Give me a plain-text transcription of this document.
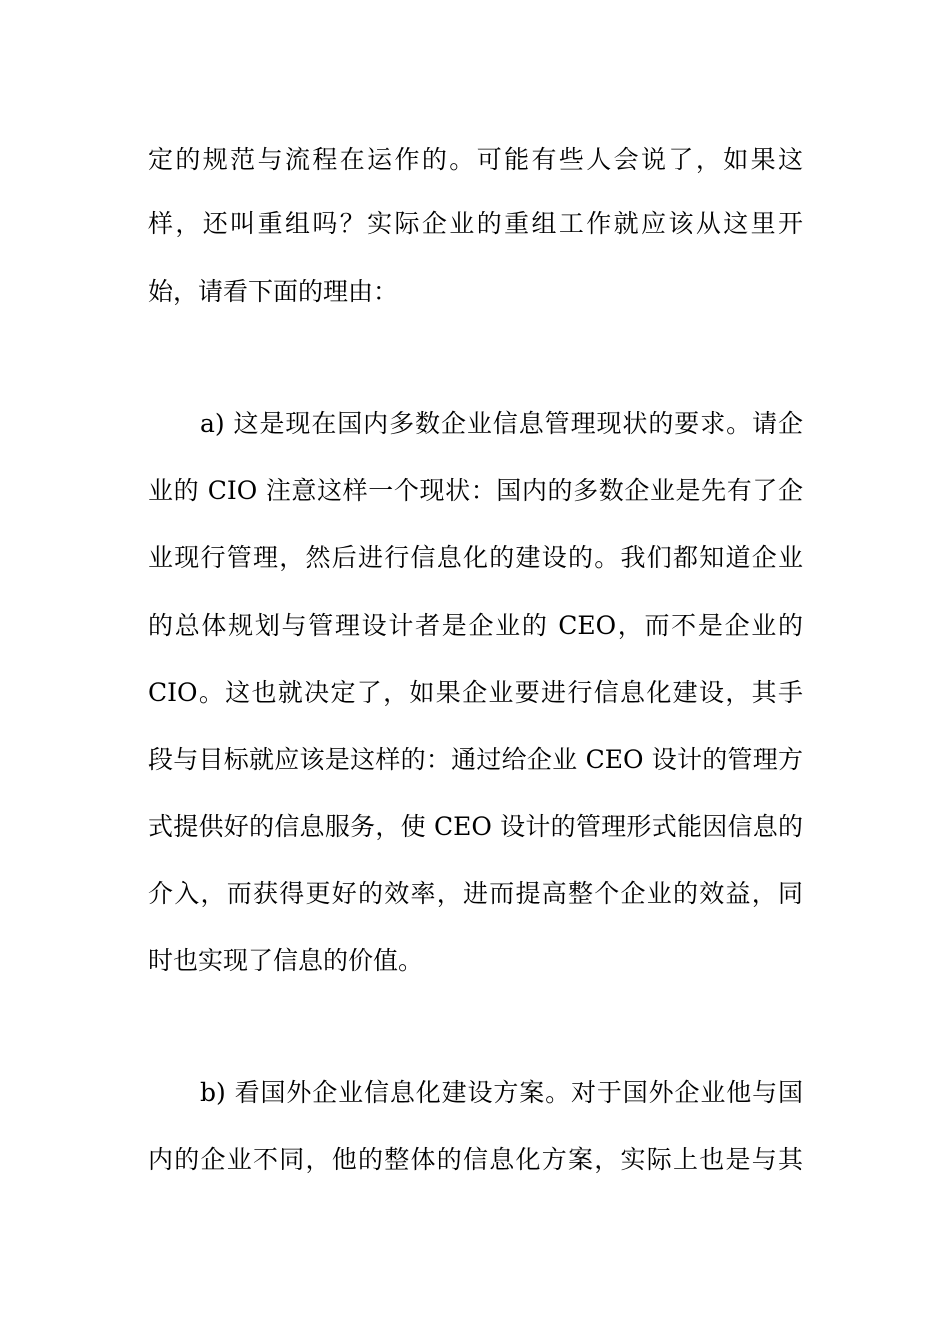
定的规范与流程在运作的。可能有些人会说了，如果这
样，还叫重组吗？实际企业的重组工作就应该从这里开
始，请看下面的理由：
a) 这是现在国内多数企业信息管理现状的要求。请企
业的 CIO 注意这样一个现状：国内的多数企业是先有了企
业现行管理，然后进行信息化的建设的。我们都知道企业
的总体规划与管理设计者是企业的 CEO，而不是企业的
CIO。这也就决定了，如果企业要进行信息化建设，其手
段与目标就应该是这样的：通过给企业 CEO 设计的管理方
式提供好的信息服务，使 CEO 设计的管理形式能因信息的
介入，而获得更好的效率，进而提高整个企业的效益，同
时也实现了信息的价值。
b) 看国外企业信息化建设方案。对于国外企业他与国
内的企业不同，他的整体的信息化方案，实际上也是与其
